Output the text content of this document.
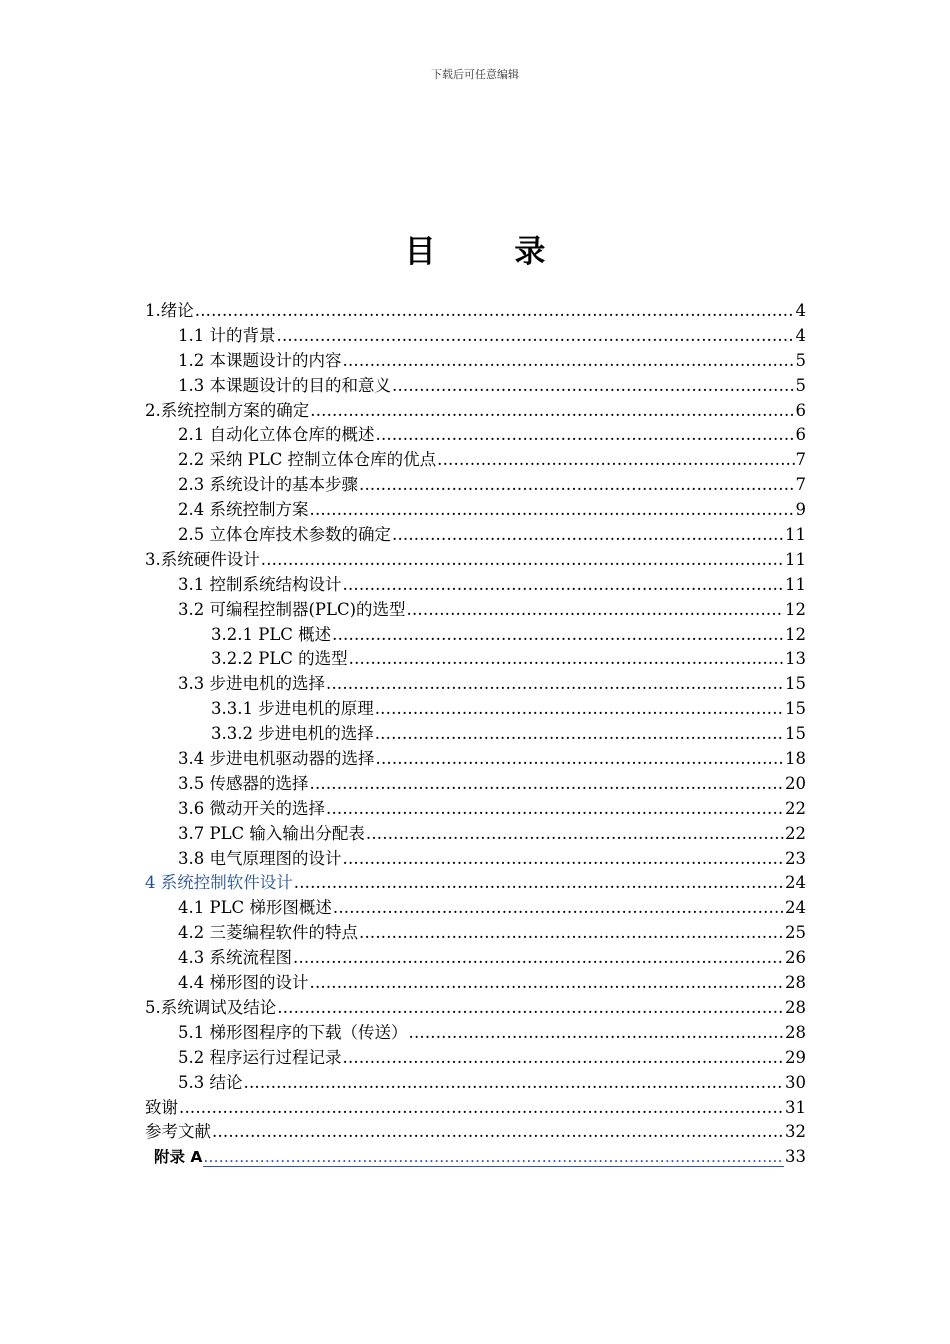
下载后可任意编辑
目 录
1.绪论 .....	4
1.1 计的背景 .....	4
1.2 本课题设计的内容 .....	5
1.3 本课题设计的目的和意义 .....	5
2.系统控制方案的确定 .....	6
2.1 自动化立体仓库的概述 .....	6
2.2 采纳 PLC 控制立体仓库的优点 .....	7
2.3 系统设计的基本步骤 .....	7
2.4 系统控制方案 .....	9
2.5 立体仓库技术参数的确定 .....	11
3.系统硬件设计 .....	11
3.1 控制系统结构设计 .....	11
3.2 可编程控制器(PLC)的选型 .....	12
3.2.1 PLC 概述 .....	12
3.2.2 PLC 的选型 .....	13
3.3 步进电机的选择 .....	15
3.3.1 步进电机的原理 .....	15
3.3.2 步进电机的选择 .....	15
3.4 步进电机驱动器的选择 .....	18
3.5 传感器的选择 .....	20
3.6 微动开关的选择 .....	22
3.7 PLC 输入输出分配表 .....	22
3.8 电气原理图的设计 .....	23
4 系统控制软件设计 .....	24
4.1 PLC 梯形图概述 .....	24
4.2 三菱编程软件的特点 .....	25
4.3 系统流程图 .....	26
4.4 梯形图的设计 .....	28
5.系统调试及结论 .....	28
5.1 梯形图程序的下载（传送） .....	28
5.2 程序运行过程记录 .....	29
5.3 结论 .....	30
致谢 .....	31
参考文献 .....	32
附录 A .....	33
